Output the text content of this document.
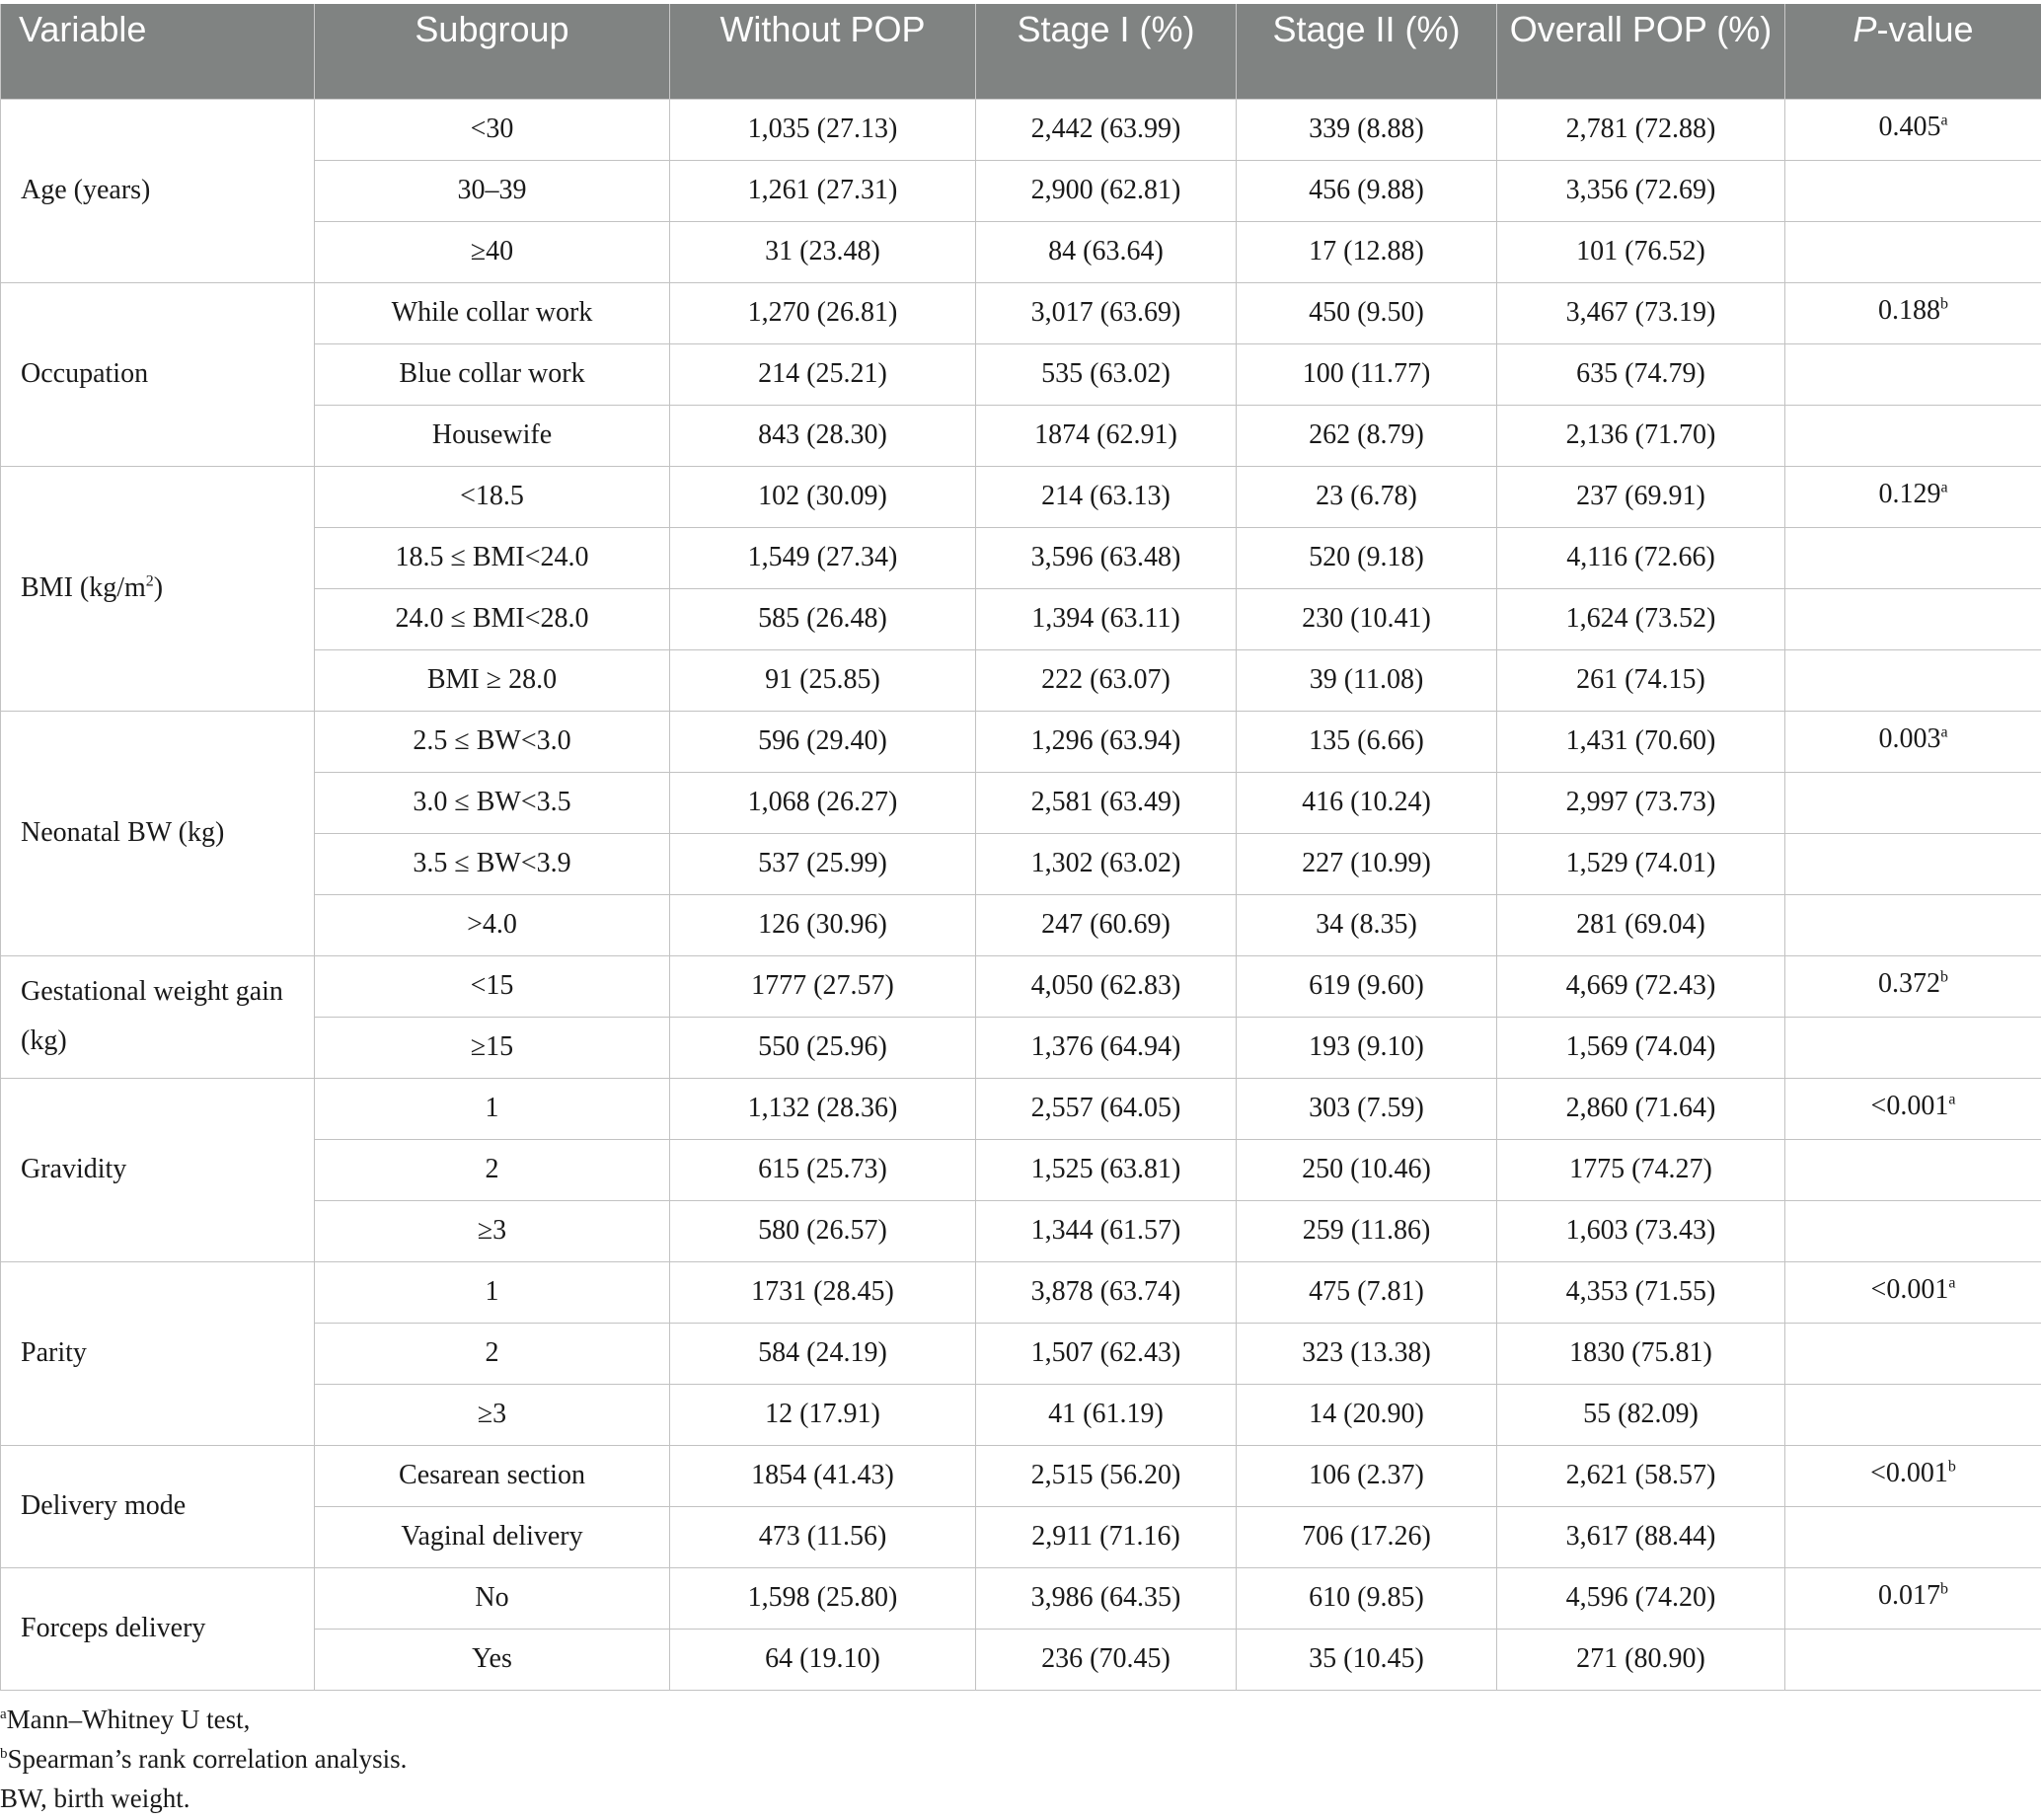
Variable	Subgroup	Without POP	Stage I (%)	Stage II (%)	Overall POP (%)	P-value
Age (years)	<30	1,035 (27.13)	2,442 (63.99)	339 (8.88)	2,781 (72.88)	0.405$^a$
	30–39	1,261 (27.31)	2,900 (62.81)	456 (9.88)	3,356 (72.69)	
	≥40	31 (23.48)	84 (63.64)	17 (12.88)	101 (76.52)	
Occupation	While collar work	1,270 (26.81)	3,017 (63.69)	450 (9.50)	3,467 (73.19)	0.188$^b$
	Blue collar work	214 (25.21)	535 (63.02)	100 (11.77)	635 (74.79)	
	Housewife	843 (28.30)	1874 (62.91)	262 (8.79)	2,136 (71.70)	
BMI $(kg/m^2)$	<18.5	102 (30.09)	214 (63.13)	23 (6.78)	237 (69.91)	0.129$^a$
	18.5 ≤ BMI<24.0	1,549 (27.34)	3,596 (63.48)	520 (9.18)	4,116 (72.66)	
	24.0 ≤ BMI<28.0	585 (26.48)	1,394 (63.11)	230 (10.41)	1,624 (73.52)	
	BMI ≥ 28.0	91 (25.85)	222 (63.07)	39 (11.08)	261 (74.15)	
Neonatal BW (kg)	2.5 ≤ BW<3.0	596 (29.40)	1,296 (63.94)	135 (6.66)	1,431 (70.60)	0.003$^a$
	3.0 ≤ BW<3.5	1,068 (26.27)	2,581 (63.49)	416 (10.24)	2,997 (73.73)	
	3.5 ≤ BW<3.9	537 (25.99)	1,302 (63.02)	227 (10.99)	1,529 (74.01)	
	>4.0	126 (30.96)	247 (60.69)	34 (8.35)	281 (69.04)	
Gestational weight gain (kg)	<15	1777 (27.57)	4,050 (62.83)	619 (9.60)	4,669 (72.43)	0.372$^b$
	≥15	550 (25.96)	1,376 (64.94)	193 (9.10)	1,569 (74.04)	
Gravidity	1	1,132 (28.36)	2,557 (64.05)	303 (7.59)	2,860 (71.64)	<0.001$^a$
	2	615 (25.73)	1,525 (63.81)	250 (10.46)	1775 (74.27)	
	≥3	580 (26.57)	1,344 (61.57)	259 (11.86)	1,603 (73.43)	
Parity	1	1731 (28.45)	3,878 (63.74)	475 (7.81)	4,353 (71.55)	<0.001$^a$
	2	584 (24.19)	1,507 (62.43)	323 (13.38)	1830 (75.81)	
	≥3	12 (17.91)	41 (61.19)	14 (20.90)	55 (82.09)	
Delivery mode	Cesarean section	1854 (41.43)	2,515 (56.20)	106 (2.37)	2,621 (58.57)	<0.001$^b$
	Vaginal delivery	473 (11.56)	2,911 (71.16)	706 (17.26)	3,617 (88.44)	
Forceps delivery	No	1,598 (25.80)	3,986 (64.35)	610 (9.85)	4,596 (74.20)	0.017$^b$
	Yes	64 (19.10)	236 (70.45)	35 (10.45)	271 (80.90)	
$^a$Mann–Whitney U test,
$^b$Spearman’s rank correlation analysis.
BW, birth weight.
